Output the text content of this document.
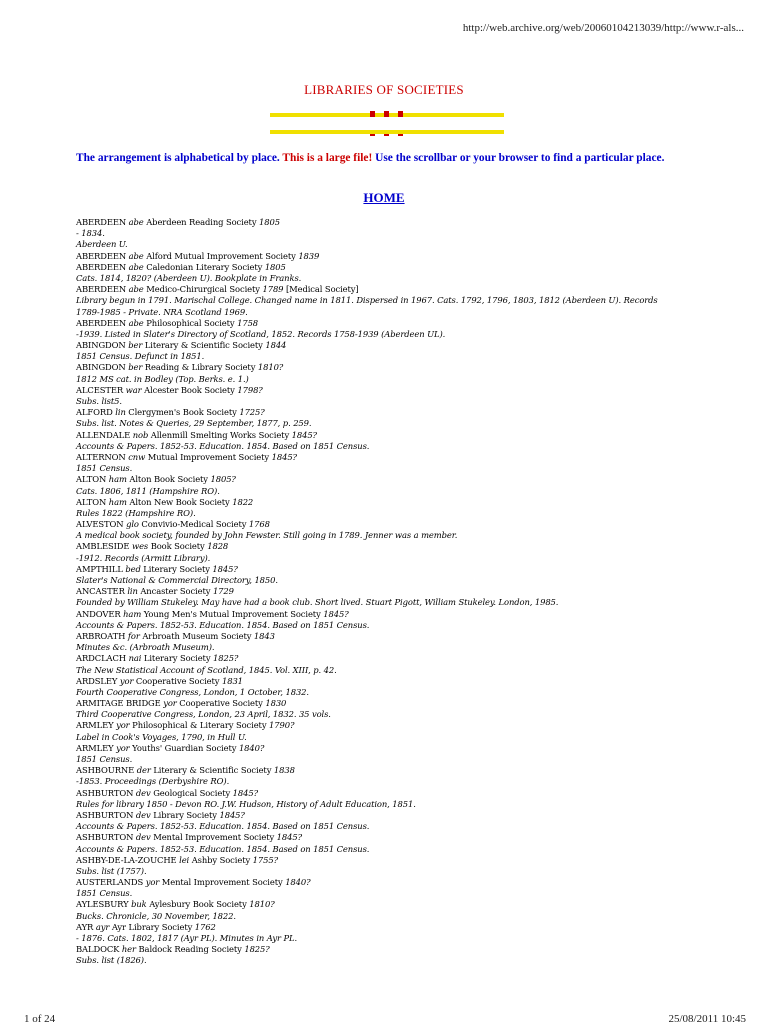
http://web.archive.org/web/20060104213039/http://www.r-als...
LIBRARIES OF SOCIETIES
The arrangement is alphabetical by place. This is a large file! Use the scrollbar or your browser to find a particular place.
HOME
ABERDEEN abe Aberdeen Reading Society 1805
- 1834.
Aberdeen U.
ABERDEEN abe Alford Mutual Improvement Society 1839
ABERDEEN abe Caledonian Literary Society 1805
Cats. 1814, 1820? (Aberdeen U). Bookplate in Franks.
ABERDEEN abe Medico-Chirurgical Society 1789 [Medical Society]
Library begun in 1791. Marischal College. Changed name in 1811. Dispersed in 1967. Cats. 1792, 1796, 1803, 1812 (Aberdeen U). Records
1789-1985 - Private. NRA Scotland 1969.
ABERDEEN abe Philosophical Society 1758
-1939. Listed in Slater's Directory of Scotland, 1852. Records 1758-1939 (Aberdeen UL).
ABINGDON ber Literary & Scientific Society 1844
1851 Census. Defunct in 1851.
ABINGDON ber Reading & Library Society 1810?
1812 MS cat. in Bodley (Top. Berks. e. 1.)
ALCESTER war Alcester Book Society 1798?
Subs. list5.
ALFORD lin Clergymen's Book Society 1725?
Subs. list. Notes & Queries, 29 September, 1877, p. 259.
ALLENDALE nob Allenmill Smelting Works Society 1845?
Accounts & Papers. 1852-53. Education. 1854. Based on 1851 Census.
ALTERNON cnw Mutual Improvement Society 1845?
1851 Census.
ALTON ham Alton Book Society 1805?
Cats. 1806, 1811 (Hampshire RO).
ALTON ham Alton New Book Society 1822
Rules 1822 (Hampshire RO).
ALVESTON glo Convivio-Medical Society 1768
A medical book society, founded by John Fewster. Still going in 1789. Jenner was a member.
AMBLESIDE wes Book Society 1828
-1912. Records (Armitt Library).
AMPTHILL bed Literary Society 1845?
Slater's National & Commercial Directory, 1850.
ANCASTER lin Ancaster Society 1729
Founded by William Stukeley. May have had a book club. Short lived. Stuart Pigott, William Stukeley. London, 1985.
ANDOVER ham Young Men's Mutual Improvement Society 1845?
Accounts & Papers. 1852-53. Education. 1854. Based on 1851 Census.
ARBROATH for Arbroath Museum Society 1843
Minutes &c. (Arbroath Museum).
ARDCLACH nai Literary Society 1825?
The New Statistical Account of Scotland, 1845. Vol. XIII, p. 42.
ARDSLEY yor Cooperative Society 1831
Fourth Cooperative Congress, London, 1 October, 1832.
ARMITAGE BRIDGE yor Cooperative Society 1830
Third Cooperative Congress, London, 23 April, 1832. 35 vols.
ARMLEY yor Philosophical & Literary Society 1790?
Label in Cook's Voyages, 1790, in Hull U.
ARMLEY yor Youths' Guardian Society 1840?
1851 Census.
ASHBOURNE der Literary & Scientific Society 1838
-1853. Proceedings (Derbyshire RO).
ASHBURTON dev Geological Society 1845?
Rules for library 1850 - Devon RO. J.W. Hudson, History of Adult Education, 1851.
ASHBURTON dev Library Society 1845?
Accounts & Papers. 1852-53. Education. 1854. Based on 1851 Census.
ASHBURTON dev Mental Improvement Society 1845?
Accounts & Papers. 1852-53. Education. 1854. Based on 1851 Census.
ASHBY-DE-LA-ZOUCHE lei Ashby Society 1755?
Subs. list (1757).
AUSTERLANDS yor Mental Improvement Society 1840?
1851 Census.
AYLESBURY buk Aylesbury Book Society 1810?
Bucks. Chronicle, 30 November, 1822.
AYR ayr Ayr Library Society 1762
- 1876. Cats. 1802, 1817 (Ayr PL). Minutes in Ayr PL.
BALDOCK her Baldock Reading Society 1825?
Subs. list (1826).
1 of 24	25/08/2011 10:45
